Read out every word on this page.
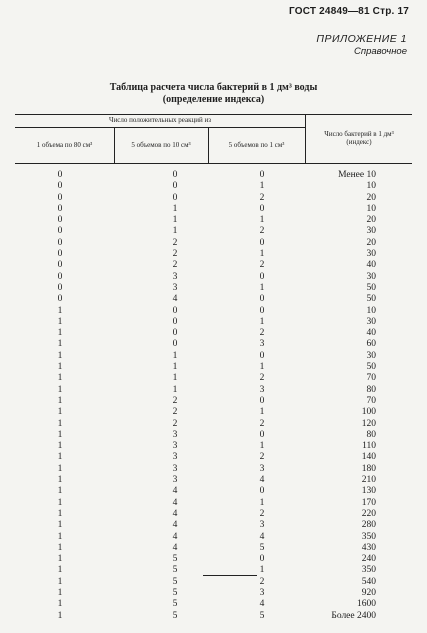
ГОСТ 24849—81 Стр. 17
ПРИЛОЖЕНИЕ 1
Справочное
Таблица расчета числа бактерий в 1 дм³ воды
(определение индекса)
Число положительных реакций из
1 объема по 80 см³	5 объемов по 10 см³	5 объемов по 1 см³
Число бактерий в 1 дм³ (индекс)
0
0
0
0
0
0
0
0
0
0
0
0
1
1
1
1
1
1
1
1
1
1
1
1
1
1
1
1
1
1
1
1
1
1
1
1
1
1
1
1
0
0
0
1
1
1
2
2
2
3
3
4
0
0
0
0
1
1
1
1
2
2
2
3
3
3
3
3
4
4
4
4
4
4
5
5
5
5
5
5
0
1
2
0
1
2
0
1
2
0
1
0
0
1
2
3
0
1
2
3
0
1
2
0
1
2
3
4
0
1
2
3
4
5
0
1
2
3
4
5
Менее 10
10
20
10
20
30
20
30
40
30
50
50
10
30
40
60
30
50
70
80
70
100
120
80
110
140
180
210
130
170
220
280
350
430
240
350
540
920
1600
Более 2400
